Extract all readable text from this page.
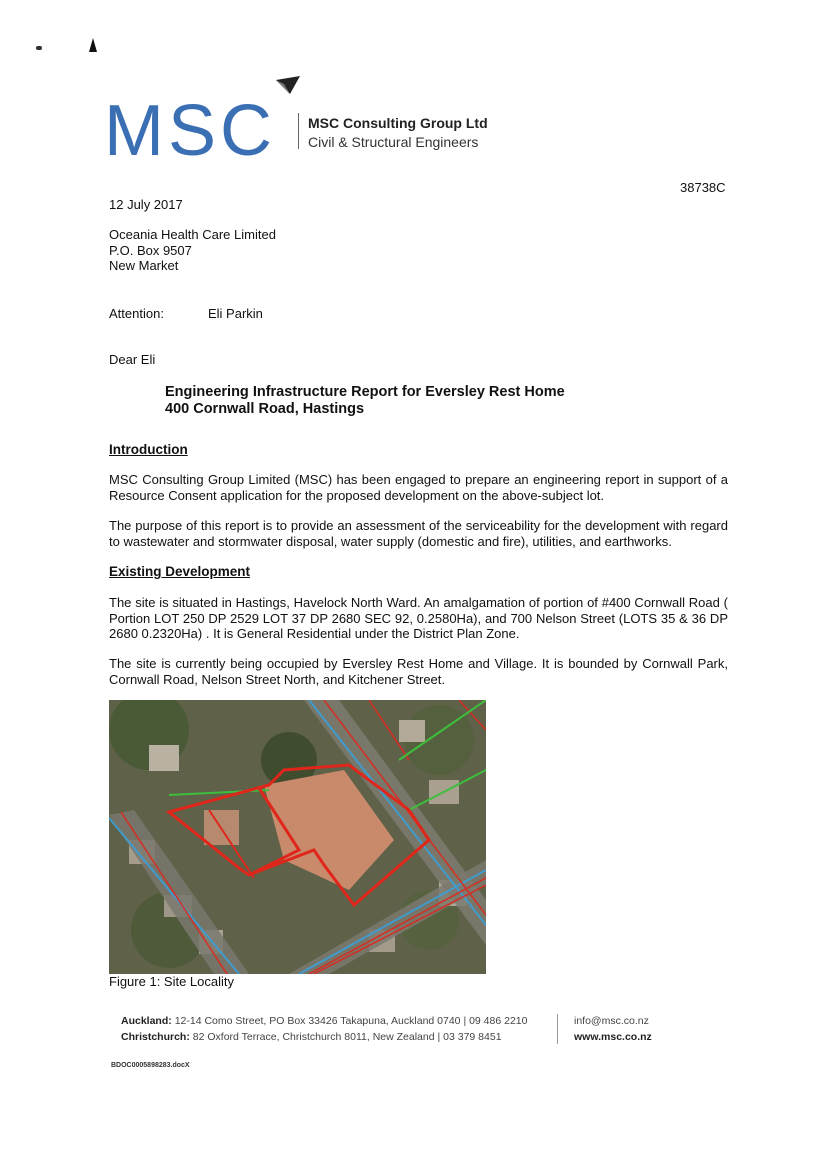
MSC MSC Consulting Group Ltd
Civil & Structural Engineers
38738C
12 July 2017
Oceania Health Care Limited
P.O. Box 9507
New Market
Attention:	Eli Parkin
Dear Eli
Engineering Infrastructure Report for Eversley Rest Home
400 Cornwall Road, Hastings
Introduction
MSC Consulting Group Limited (MSC) has been engaged to prepare an engineering report in support of a Resource Consent application for the proposed development on the above-subject lot.
The purpose of this report is to provide an assessment of the serviceability for the development with regard to wastewater and stormwater disposal, water supply (domestic and fire), utilities, and earthworks.
Existing Development
The site is situated in Hastings, Havelock North Ward. An amalgamation of portion of #400 Cornwall Road ( Portion LOT 250 DP 2529 LOT 37 DP 2680 SEC 92, 0.2580Ha), and 700 Nelson Street (LOTS 35 & 36 DP 2680 0.2320Ha) . It is General Residential under the District Plan Zone.
The site is currently being occupied by Eversley Rest Home and Village. It is bounded by Cornwall Park, Cornwall Road, Nelson Street North, and Kitchener Street.
Figure 1: Site Locality
Auckland: 12-14 Como Street, PO Box 33426 Takapuna, Auckland 0740 | 09 486 2210
Christchurch: 82 Oxford Terrace, Christchurch 8011, New Zealand | 03 379 8451
info@msc.co.nz
www.msc.co.nz
BDOC0005898283.docX
